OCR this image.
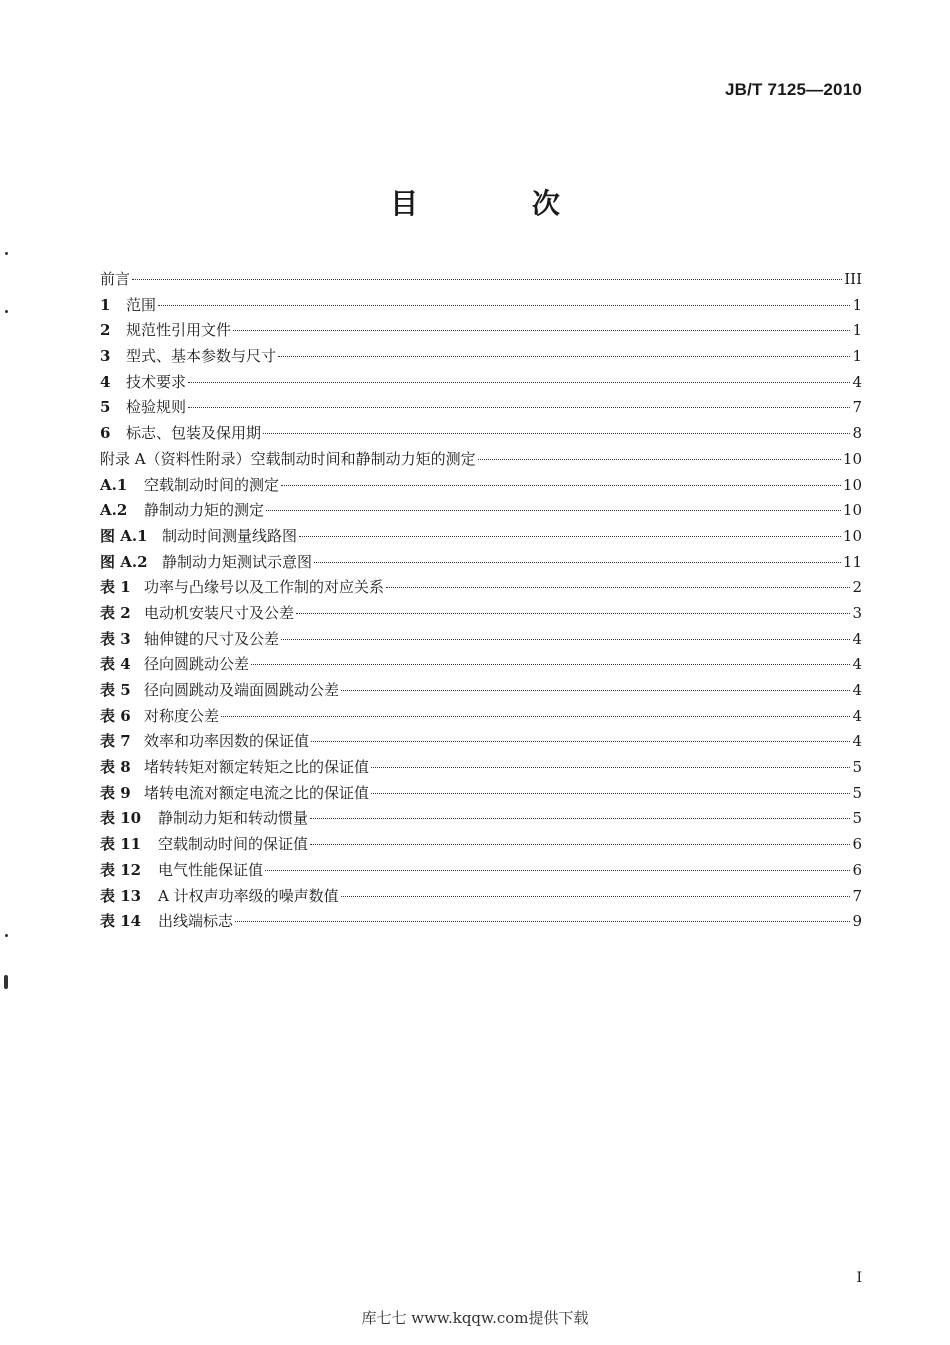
JB/T 7125—2010
目 次
前言	III
1 范围	1
2 规范性引用文件	1
3 型式、基本参数与尺寸	1
4 技术要求	4
5 检验规则	7
6 标志、包装及保用期	8
附录 A（资料性附录）空载制动时间和静制动力矩的测定	10
A.1 空载制动时间的测定	10
A.2 静制动力矩的测定	10
图 A.1 制动时间测量线路图	10
图 A.2 静制动力矩测试示意图	11
表 1 功率与凸缘号以及工作制的对应关系	2
表 2 电动机安装尺寸及公差	3
表 3 轴伸键的尺寸及公差	4
表 4 径向圆跳动公差	4
表 5 径向圆跳动及端面圆跳动公差	4
表 6 对称度公差	4
表 7 效率和功率因数的保证值	4
表 8 堵转转矩对额定转矩之比的保证值	5
表 9 堵转电流对额定电流之比的保证值	5
表 10 静制动力矩和转动惯量	5
表 11 空载制动时间的保证值	6
表 12 电气性能保证值	6
表 13 A 计权声功率级的噪声数值	7
表 14 出线端标志	9
I
库七七 www.kqqw.com提供下载
